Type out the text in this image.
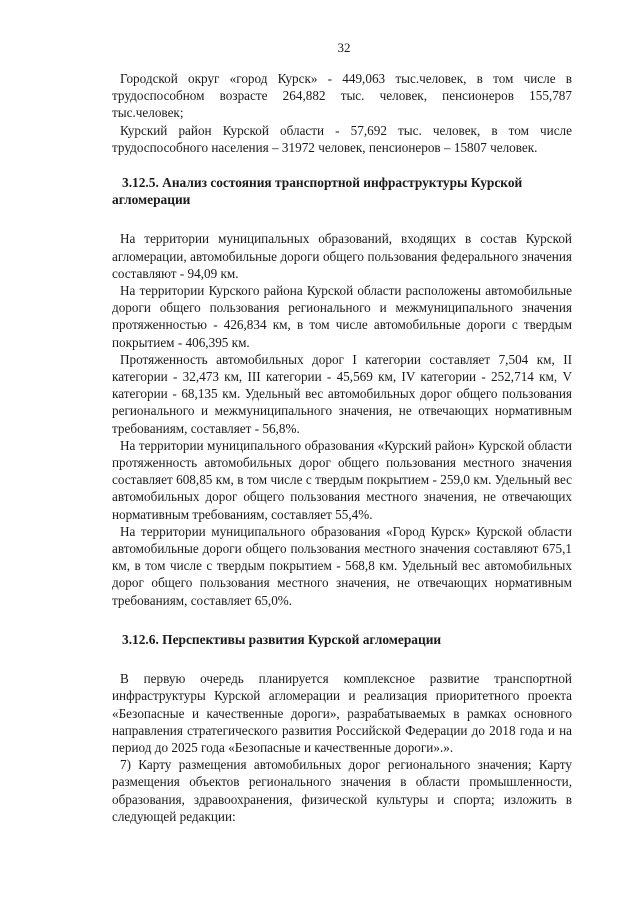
32

Городской округ «город Курск» - 449,063 тыс.человек, в том числе в трудоспособном возрасте 264,882 тыс. человек, пенсионеров 155,787 тыс.человек;

Курский район Курской области - 57,692 тыс. человек, в том числе трудоспособного населения – 31972 человек, пенсионеров – 15807 человек.

3.12.5. Анализ состояния транспортной инфраструктуры Курской агломерации

На территории муниципальных образований, входящих в состав Курской агломерации, автомобильные дороги общего пользования федерального значения составляют - 94,09 км.

На территории Курского района Курской области расположены автомобильные дороги общего пользования регионального и межмуниципального значения протяженностью - 426,834 км, в том числе автомобильные дороги с твердым покрытием - 406,395 км.

Протяженность автомобильных дорог I категории составляет 7,504 км, II категории - 32,473 км, III категории - 45,569 км, IV категории - 252,714 км, V категории - 68,135 км. Удельный вес автомобильных дорог общего пользования регионального и межмуниципального значения, не отвечающих нормативным требованиям, составляет - 56,8%.

На территории муниципального образования «Курский район» Курской области протяженность автомобильных дорог общего пользования местного значения составляет 608,85 км, в том числе с твердым покрытием - 259,0 км. Удельный вес автомобильных дорог общего пользования местного значения, не отвечающих нормативным требованиям, составляет 55,4%.

На территории муниципального образования «Город Курск» Курской области автомобильные дороги общего пользования местного значения составляют 675,1 км, в том числе с твердым покрытием - 568,8 км. Удельный вес автомобильных дорог общего пользования местного значения, не отвечающих нормативным требованиям, составляет 65,0%.

3.12.6. Перспективы развития Курской агломерации

В первую очередь планируется комплексное развитие транспортной инфраструктуры Курской агломерации и реализация приоритетного проекта «Безопасные и качественные дороги», разрабатываемых в рамках основного направления стратегического развития Российской Федерации до 2018 года и на период до 2025 года «Безопасные и качественные дороги».».

7) Карту размещения автомобильных дорог регионального значения; Карту размещения объектов регионального значения в области промышленности, образования, здравоохранения, физической культуры и спорта; изложить в следующей редакции:
